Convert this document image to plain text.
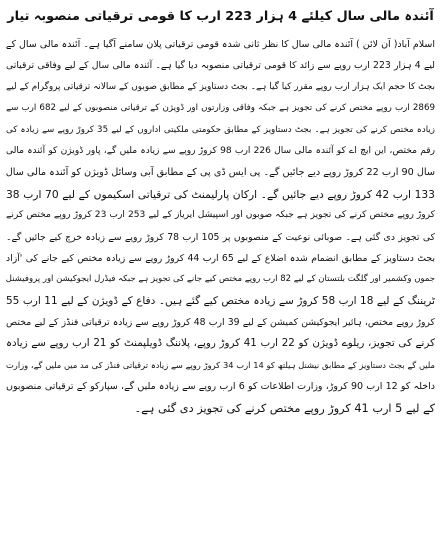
آئندہ مالی سال کیلئے 4 ہزار 223 ارب کا قومی ترقیاتی منصوبہ تیار
اسلام آباد( آن لائن ) آئندہ مالی سال کا نظر ثانی شدہ قومی ترقیاتی پلان سامنے آگیا ہے۔ آئندہ مالی سال کے
لیے 4 ہزار 223 ارب روپے سے زائد کا قومی ترقیاتی منصوبہ دیا گیا ہے۔ آئندہ مالی سال کے لیے وفاقی ترقیاتی
بجٹ کا حجم ایک ہزار ارب روپے مقرر کیا گیا ہے۔ بجٹ دستاویز کے مطابق صوبوں کے سالانہ ترقیاتی پروگرام کے لیے
2869 ارب روپے مختص کرنے کی تجویز ہے جبکہ وفاقی وزارتوں اور ڈویژن کے ترقیاتی منصوبوں کے لیے 682 ارب سے
زیادہ مختص کرنے کی تجویز ہے۔ بجٹ دستاویز کے مطابق حکومتی ملکیتی اداروں کے لیے 35 کروڑ روپے سے زیادہ کی
رقم مختص، این ایچ اے کو آئندہ مالی سال 226 ارب 98 کروڑ روپے سے زیادہ ملیں گے، پاور ڈویژن کو آئندہ مالی
سال 90 ارب 22 کروڑ روپے دیے جائیں گے۔ پی ایس ڈی پی کے مطابق آبی وسائل ڈویژن کو آئندہ مالی سال
133 ارب 42 کروڑ روپے دیے جائیں گے۔ ارکان پارلیمنٹ کی ترقیاتی اسکیموں کے لیے 70 ارب 38
کروڑ روپے مختص کرنے کی تجویز ہے جبکہ صوبوں اور اسپیشل ایریاز کے لیے 253 ارب 23 کروڑ روپے مختص کرنے
کی تجویز دی گئی ہے۔ صوبائی نوعیت کے منصوبوں پر 105 ارب 78 کروڑ روپے سے زیادہ خرچ کیے جائیں گے۔
بجٹ دستاویز کے مطابق انضمام شدہ اضلاع کے لیے 65 ارب 44 کروڑ روپے سے زیادہ مختص کیے جانے کی 'آزاد
جموں وکشمیر اور گلگت بلتستان کے لیے 82 ارب روپے مختص کیے جانے کی تجویز ہے جبکہ فیڈرل ایجوکیشن اور پروفیشنل
ٹریننگ کے لیے 18 ارب 58 کروڑ سے زیادہ مختص کیے گئے ہیں۔ دفاع کے ڈویژن کے لیے 11 ارب 55
کروڑ روپے مختص، ہائیر ایجوکیشن کمیشن کے لیے 39 ارب 48 کروڑ روپے سے زیادہ ترقیاتی فنڈز کے لیے مختص
کرنے کی تجویز، ریلوے ڈویژن کو 22 ارب 41 کروڑ روپے، پلاننگ ڈویلپمنٹ کو 21 ارب روپے سے زیادہ
ملیں گے بجٹ دستاویز کے مطابق نیشنل ہیلتھ کو 14 ارب 34 کروڑ روپے سے زیادہ ترقیاتی فنڈز کی مد میں ملیں گے، وزارت
داخلہ کو 12 ارب 90 کروڑ، وزارت اطلاعات کو 6 ارب روپے سے زیادہ ملیں گے، سپارکو کے ترقیاتی منصوبوں
کے لیے 5 ارب 41 کروڑ روپے مختص کرنے کی تجویز دی گئی ہے۔
